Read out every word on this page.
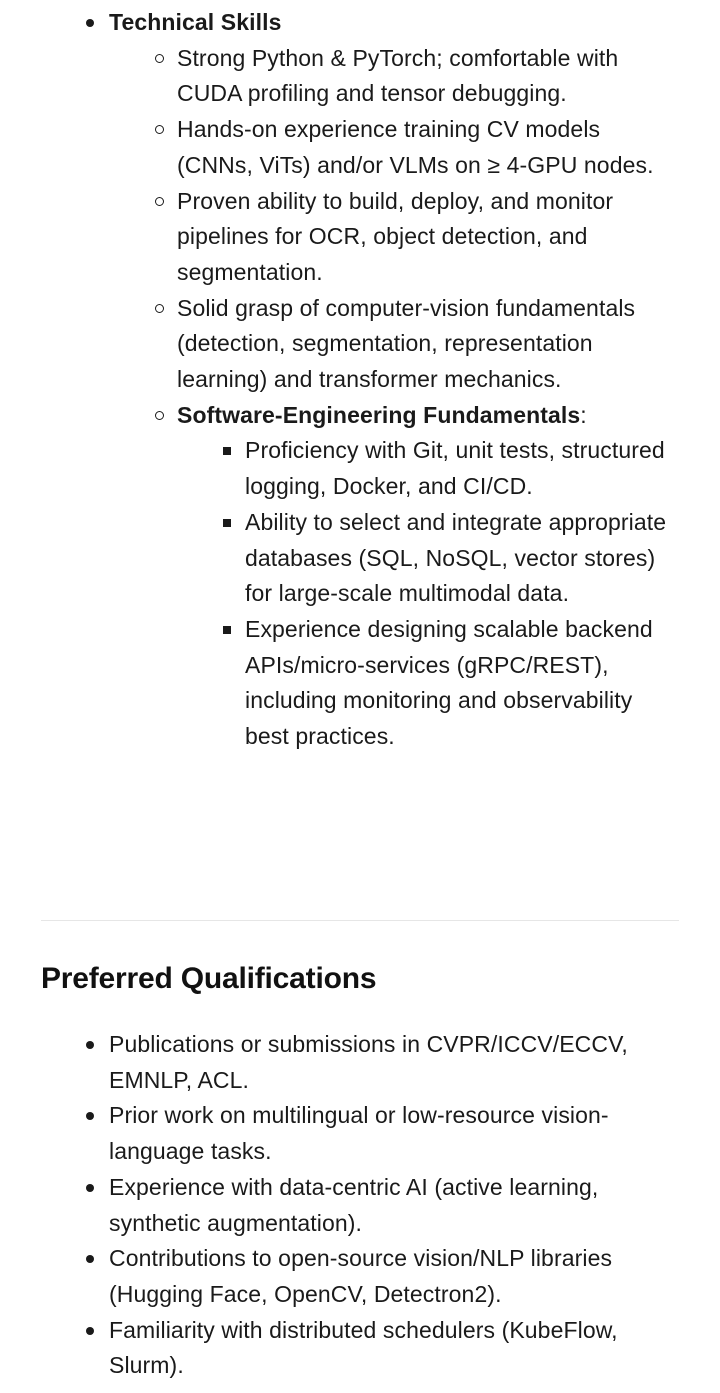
Technical Skills
Strong Python & PyTorch; comfortable with CUDA profiling and tensor debugging.
Hands-on experience training CV models (CNNs, ViTs) and/or VLMs on ≥ 4-GPU nodes.
Proven ability to build, deploy, and monitor pipelines for OCR, object detection, and segmentation.
Solid grasp of computer-vision fundamentals (detection, segmentation, representation learning) and transformer mechanics.
Software-Engineering Fundamentals:
Proficiency with Git, unit tests, structured logging, Docker, and CI/CD.
Ability to select and integrate appropriate databases (SQL, NoSQL, vector stores) for large-scale multimodal data.
Experience designing scalable backend APIs/micro-services (gRPC/REST), including monitoring and observability best practices.
Preferred Qualifications
Publications or submissions in CVPR/ICCV/ECCV, EMNLP, ACL.
Prior work on multilingual or low-resource vision-language tasks.
Experience with data-centric AI (active learning, synthetic augmentation).
Contributions to open-source vision/NLP libraries (Hugging Face, OpenCV, Detectron2).
Familiarity with distributed schedulers (KubeFlow, Slurm).
